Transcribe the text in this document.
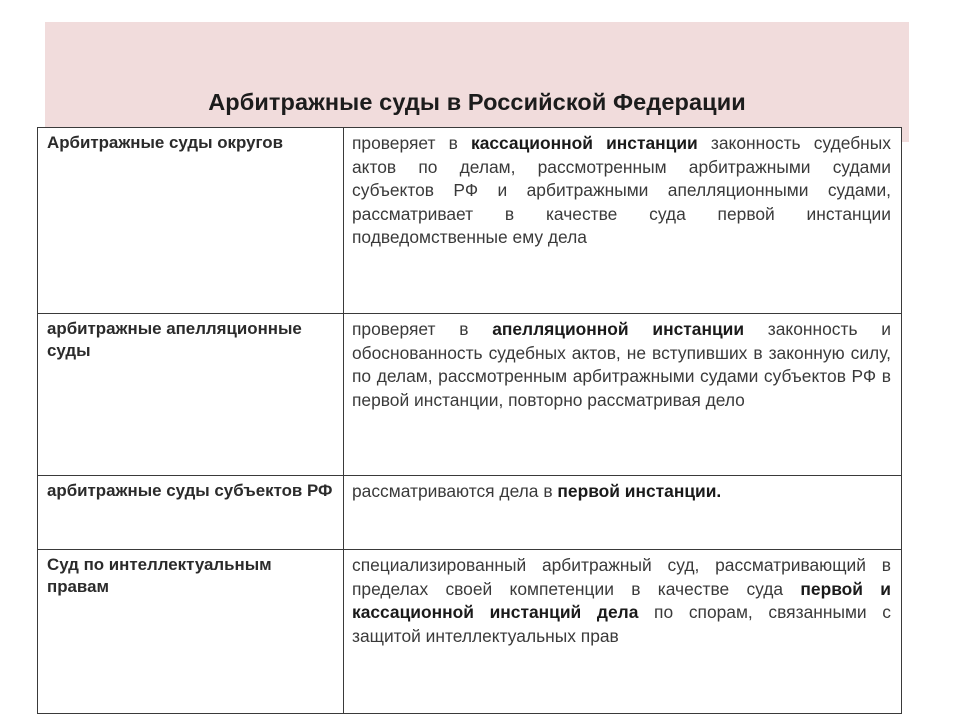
Арбитражные суды в Российской Федерации
Арбитражные суды округов	проверяет в кассационной инстанции законность судебных актов по делам, рассмотренным арбитражными судами субъектов РФ и арбитражными апелляционными судами, рассматривает в качестве суда первой инстанции подведомственные ему дела
арбитражные апелляционные суды	проверяет в апелляционной инстанции законность и обоснованность судебных актов, не вступивших в законную силу, по делам, рассмотренным арбитражными судами субъектов РФ в первой инстанции, повторно рассматривая дело
арбитражные суды субъектов РФ	рассматриваются дела в первой инстанции.
Суд по интеллектуальным правам	специализированный арбитражный суд, рассматривающий в пределах своей компетенции в качестве суда первой и кассационной инстанций дела по спорам, связанными с защитой интеллектуальных прав
